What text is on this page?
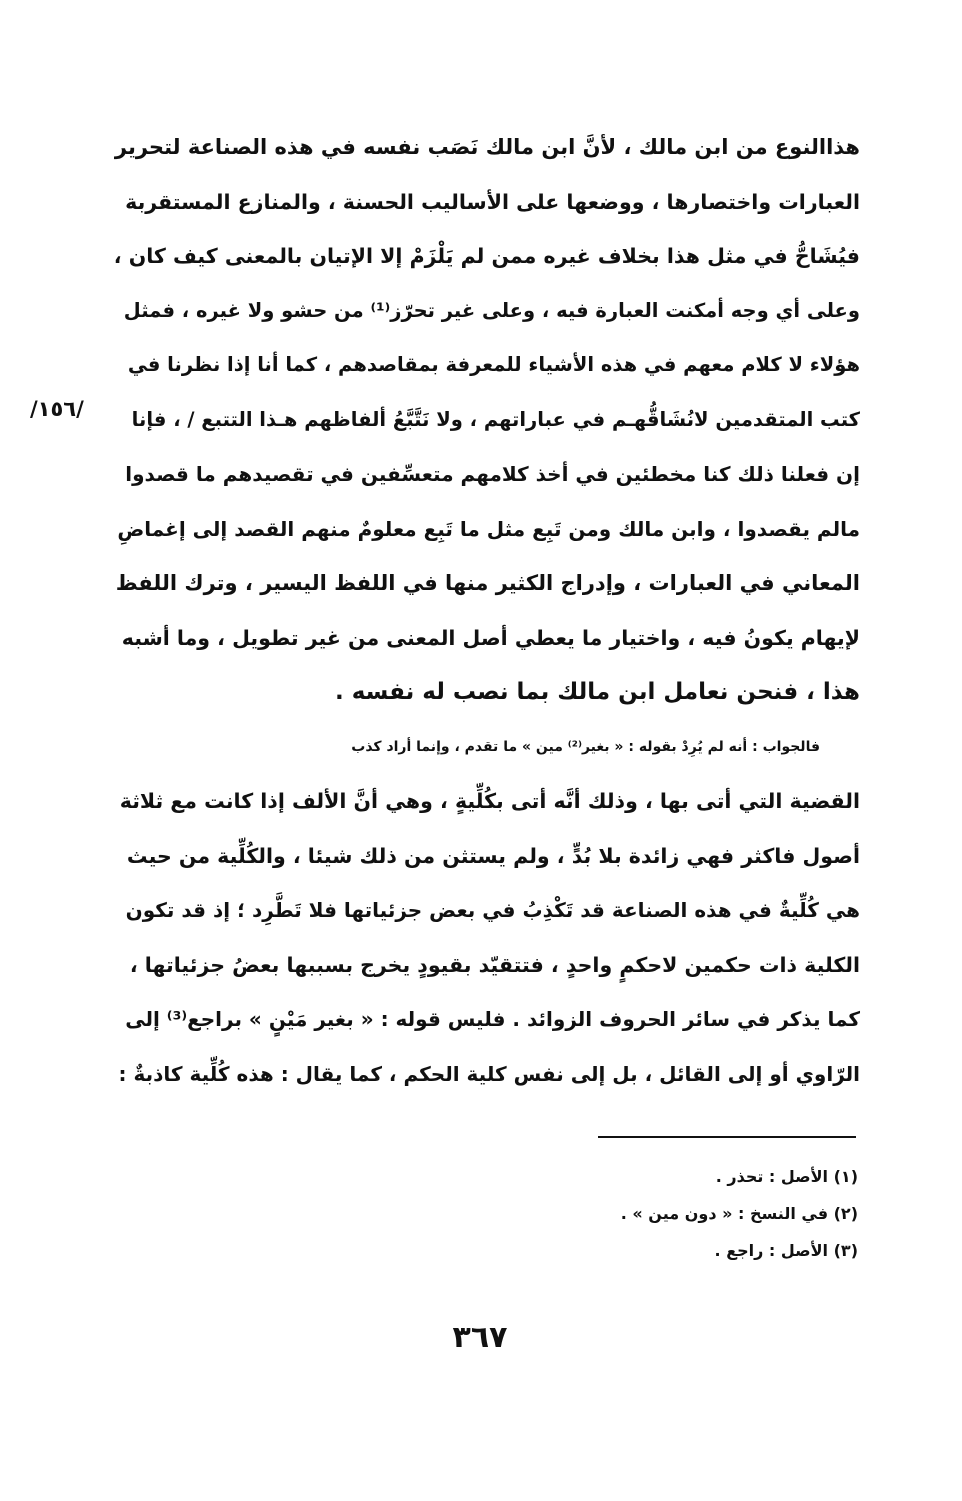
/١٥٦/

هذاالنوع من ابن مالك ، لأنَّ ابن مالك نَصَب نفسه في هذه الصناعة لتحرير
العبارات واختصارها ، ووضعها على الأساليب الحسنة ، والمنازع المستقربة
فيُشَاحُّ في مثل هذا بخلاف غيره ممن لم يَلْزَمْ إلا الإتيان بالمعنى كيف كان ،
وعلى أي وجه أمكنت العبارة فيه ، وعلى غير تحرّز⁽¹⁾ من حشو ولا غيره ، فمثل
هؤلاء لا كلام معهم في هذه الأشياء للمعرفة بمقاصدهم ، كما أنا إذا نظرنا في
كتب المتقدمين لانُشَاقُّهـم في عباراتهم ، ولا نَتَّبَّعُ ألفاظهم هـذا التتبع / ، فإنا
إن فعلنا ذلك كنا مخطئين في أخذ كلامهم متعسِّفين في تقصيدهم ما قصدوا
مالم يقصدوا ، وابن مالك ومن تَبِع مثل ما تَبِع معلومٌ منهم القصد إلى إغماضِ
المعاني في العبارات ، وإدراج الكثير منها في اللفظ اليسير ، وترك اللفظ
لإيهام يكونُ فيه ، واختيار ما يعطي أصل المعنى من غير تطويل ، وما أشبه
هذا ، فنحن نعامل ابن مالك بما نصب له نفسه .

فالجواب : أنه لم يُرِدْ بقوله : « بغير⁽²⁾ مين » ما تقدم ، وإنما أراد كذب
القضية التي أتى بها ، وذلك أنَّه أتى بكُلِّيةٍ ، وهي أنَّ الألف إذا كانت مع ثلاثة
أصول فاكثر فهي زائدة بلا بُدٍّ ، ولم يستثن من ذلك شيئا ، والكُلِّية من حيث
هي كُلِّيةٌ في هذه الصناعة قد تَكْذِبُ في بعض جزئياتها فلا تَطَّرِد ؛ إذ قد تكون
الكلية ذات حكمين لاحكمٍ واحدٍ ، فتتقيّد بقيودٍ يخرج بسببها بعضُ جزئياتها ،
كما يذكر في سائر الحروف الزوائد . فليس قوله : « بغير مَيْنٍ » براجع⁽³⁾ إلى
الرّاوي أو إلى القائل ، بل إلى نفس كلية الحكم ، كما يقال : هذه كُلِّية كاذبةٌ :

(١) الأصل : تحذر .
(٢) في النسخ : « دون مين » .
(٣) الأصل : راجع .
٣٦٧
